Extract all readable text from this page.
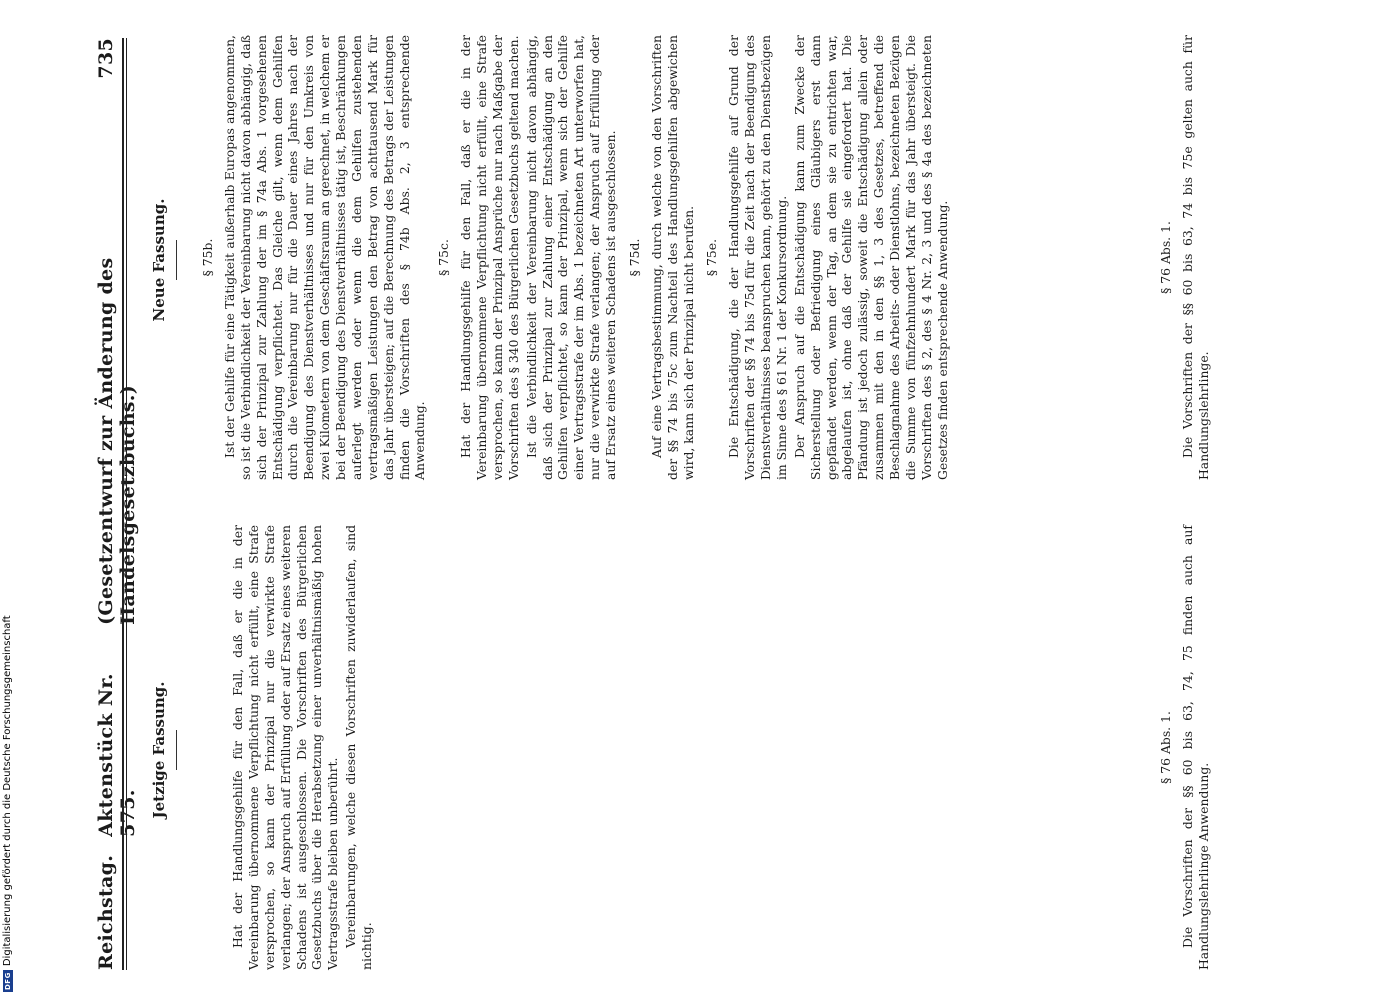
Reichstag.
Aktenstück Nr. 575.
(Gesetzentwurf zur Änderung des Handelsgesetzbuchs.)
735
Jetzige Fassung.
Neue Fassung.

Hat der Handlungsgehilfe für den Fall, daß er die in der Vereinbarung übernommene Verpflichtung nicht erfüllt, eine Strafe versprochen, so kann der Prinzipal nur die verwirkte Strafe verlangen; der Anspruch auf Erfüllung oder auf Ersatz eines weiteren Schadens ist ausgeschlossen. Die Vorschriften des Bürgerlichen Gesetzbuchs über die Herabsetzung einer unverhältnismäßig hohen Vertragsstrafe bleiben unberührt. Vereinbarungen, welche diesen Vorschriften zuwiderlaufen, sind nichtig.

§ 76 Abs. 1. Die Vorschriften der §§ 60 bis 63, 74, 75 finden auch auf Handlungslehrlinge Anwendung.

§ 75b. Ist der Gehilfe für eine Tätigkeit außerhalb Europas angenommen, so ist die Verbindlichkeit der Vereinbarung nicht davon abhängig, daß sich der Prinzipal zur Zahlung der im § 74a Abs. 1 vorgesehenen Entschädigung verpflichtet. Das Gleiche gilt, wenn dem Gehilfen durch die Vereinbarung nur für die Dauer eines Jahres nach der Beendigung des Dienstverhältnisses und nur für den Umkreis von zwei Kilometern von dem Geschäftsraum an gerechnet, in welchem er bei der Beendigung des Dienstverhältnisses tätig ist, Beschränkungen auferlegt werden oder wenn die dem Gehilfen zustehenden vertragsmäßigen Leistungen den Betrag von achttausend Mark für das Jahr übersteigen; auf die Berechnung des Betrags der Leistungen finden die Vorschriften des § 74b Abs. 2, 3 entsprechende Anwendung.

§ 75c. Hat der Handlungsgehilfe für den Fall, daß er die in der Vereinbarung übernommene Verpflichtung nicht erfüllt, eine Strafe versprochen, so kann der Prinzipal Ansprüche nur nach Maßgabe der Vorschriften des § 340 des Bürgerlichen Gesetzbuchs geltend machen. Ist die Verbindlichkeit der Vereinbarung nicht davon abhängig, daß sich der Prinzipal zur Zahlung einer Entschädigung an den Gehilfen verpflichtet, so kann der Prinzipal, wenn sich der Gehilfe einer Vertragsstrafe der im Abs. 1 bezeichneten Art unterworfen hat, nur die verwirkte Strafe verlangen; der Anspruch auf Erfüllung oder auf Ersatz eines weiteren Schadens ist ausgeschlossen. § 75d. Auf eine Vertragsbestimmung, durch welche von den Vorschriften der §§ 74 bis 75c zum Nachteil des Handlungsgehilfen abgewichen wird, kann sich der Prinzipal nicht berufen. § 75e. Die Entschädigung, die der Handlungsgehilfe auf Grund der Vorschriften der §§ 74 bis 75d für die Zeit nach der Beendigung des Dienstverhältnisses beanspruchen kann, gehört zu den Dienstbezügen im Sinne des § 61 Nr. 1 der Konkursordnung. Der Anspruch auf die Entschädigung kann zum Zwecke der Sicherstellung oder Befriedigung eines Gläubigers erst dann gepfändet werden, wenn der Tag, an dem sie zu entrichten war, abgelaufen ist, ohne daß der Gehilfe sie eingefordert hat. Die Pfändung ist jedoch zulässig, soweit die Entschädigung allein oder zusammen mit den in den §§ 1, 3 des Gesetzes, betreffend die Beschlagnahme des Arbeits- oder Dienstlohns, bezeichneten Bezügen die Summe von fünfzehnhundert Mark für das Jahr übersteigt. Die Vorschriften des § 2, des § 4 Nr. 2, 3 und des § 4a des bezeichneten Gesetzes finden entsprechende Anwendung.	§ 76 Abs. 1. Die Vorschriften der §§ 60 bis 63, 74 bis 75e gelten auch für Handlungslehrlinge.

DFG
Digitalisierung gefördert durch die Deutsche Forschungsgemeinschaft
